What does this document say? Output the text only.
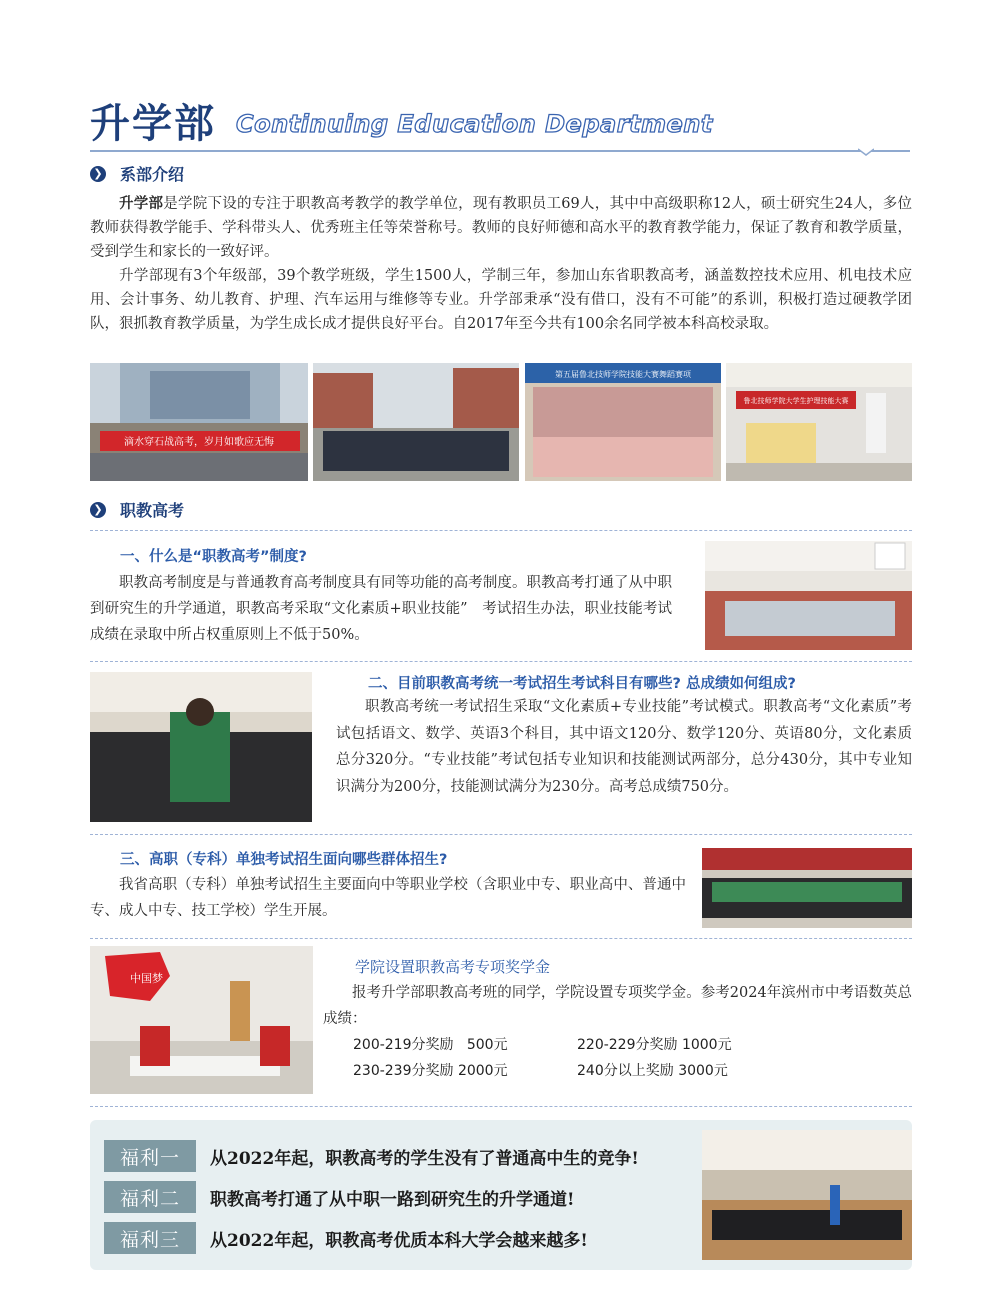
升学部 Continuing Education Department
❯ 系部介绍

升学部是学院下设的专注于职教高考教学的教学单位，现有教职员工69人，其中中高级职称12人，硕士研究生24人，多位教师获得教学能手、学科带头人、优秀班主任等荣誉称号。教师的良好师德和高水平的教育教学能力，保证了教育和教学质量，受到学生和家长的一致好评。

升学部现有3个年级部，39个教学班级，学生1500人，学制三年，参加山东省职教高考，涵盖数控技术应用、机电技术应用、会计事务、幼儿教育、护理、汽车运用与维修等专业。升学部秉承“没有借口，没有不可能”的系训，积极打造过硬教学团队，狠抓教育教学质量，为学生成长成才提供良好平台。自2017年至今共有100余名同学被本科高校录取。

滴水穿石战高考，岁月如歌应无悔
第五届鲁北技师学院技能大赛舞蹈赛项
鲁北技师学院大学生护理技能大赛
❯ 职教高考
一、什么是“职教高考”制度?

职教高考制度是与普通教育高考制度具有同等功能的高考制度。职教高考打通了从中职到研究生的升学通道，职教高考采取“文化素质+职业技能”　考试招生办法，职业技能考试成绩在录取中所占权重原则上不低于50%。

二、目前职教高考统一考试招生考试科目有哪些? 总成绩如何组成?

职教高考统一考试招生采取“文化素质+专业技能”考试模式。职教高考“文化素质”考试包括语文、数学、英语3个科目，其中语文120分、数学120分、英语80分，文化素质总分320分。“专业技能”考试包括专业知识和技能测试两部分，总分430分，其中专业知识满分为200分，技能测试满分为230分。高考总成绩750分。

三、高职（专科）单独考试招生面向哪些群体招生?

我省高职（专科）单独考试招生主要面向中等职业学校（含职业中专、职业高中、普通中专、成人中专、技工学校）学生开展。

中国梦
学院设置职教高考专项奖学金

报考升学部职教高考班的同学，学院设置专项奖学金。参考2024年滨州市中考语数英总成绩：

200-219分奖励 500元	220-229分奖励 1000元
230-239分奖励 2000元	240分以上奖励 3000元
福利一	从2022年起，职教高考的学生没有了普通高中生的竞争!
福利二	职教高考打通了从中职一路到研究生的升学通道!
福利三	从2022年起，职教高考优质本科大学会越来越多!
